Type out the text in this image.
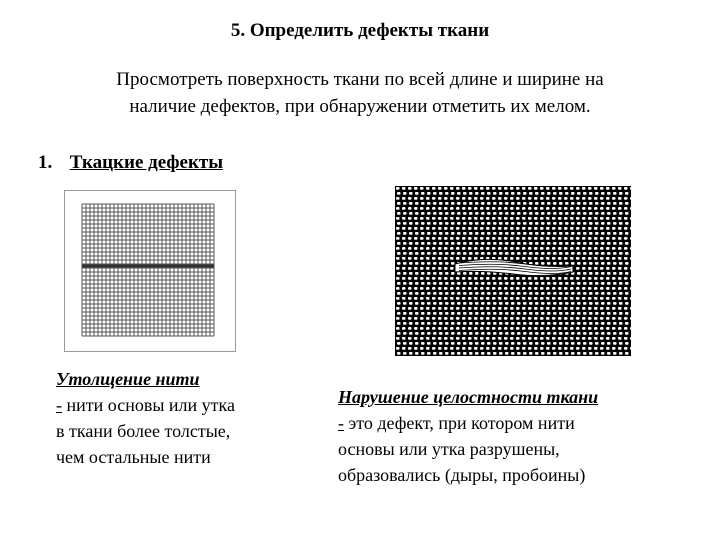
5. Определить дефекты ткани
Просмотреть поверхность ткани по всей длине и ширине на
наличие дефектов, при обнаружении отметить их мелом.
1. Ткацкие дефекты
Утолщение нити
- нити основы или утка
в ткани более толстые,
чем остальные нити
Нарушение целостности ткани
- это дефект, при котором нити
основы или утка разрушены,
образовались (дыры, пробоины)
